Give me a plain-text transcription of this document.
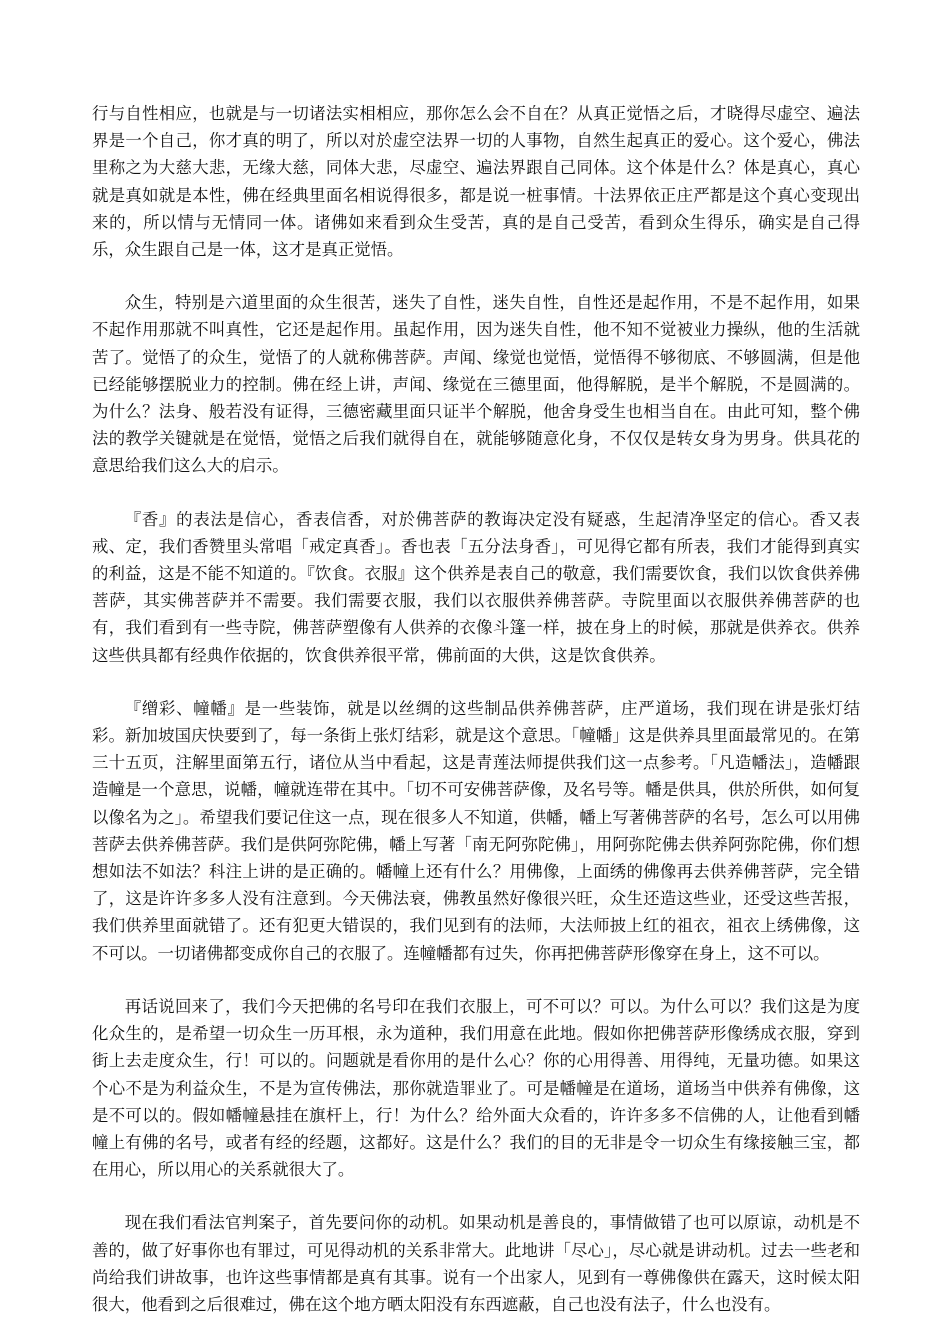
行与自性相应，也就是与一切诸法实相相应，那你怎么会不自在？从真正觉悟之后，才晓得尽虚空、遍法界是一个自己，你才真的明了，所以对於虚空法界一切的人事物，自然生起真正的爱心。这个爱心，佛法里称之为大慈大悲，无缘大慈，同体大悲，尽虚空、遍法界跟自己同体。这个体是什么？体是真心，真心就是真如就是本性，佛在经典里面名相说得很多，都是说一桩事情。十法界依正庄严都是这个真心变现出来的，所以情与无情同一体。诸佛如来看到众生受苦，真的是自己受苦，看到众生得乐，确实是自己得乐，众生跟自己是一体，这才是真正觉悟。

众生，特别是六道里面的众生很苦，迷失了自性，迷失自性，自性还是起作用，不是不起作用，如果不起作用那就不叫真性，它还是起作用。虽起作用，因为迷失自性，他不知不觉被业力操纵，他的生活就苦了。觉悟了的众生，觉悟了的人就称佛菩萨。声闻、缘觉也觉悟，觉悟得不够彻底、不够圆满，但是他已经能够摆脱业力的控制。佛在经上讲，声闻、缘觉在三德里面，他得解脱，是半个解脱，不是圆满的。为什么？法身、般若没有证得，三德密藏里面只证半个解脱，他舍身受生也相当自在。由此可知，整个佛法的教学关键就是在觉悟，觉悟之后我们就得自在，就能够随意化身，不仅仅是转女身为男身。供具花的意思给我们这么大的启示。

『香』的表法是信心，香表信香，对於佛菩萨的教诲决定没有疑惑，生起清净坚定的信心。香又表戒、定，我们香赞里头常唱「戒定真香」。香也表「五分法身香」，可见得它都有所表，我们才能得到真实的利益，这是不能不知道的。『饮食。衣服』这个供养是表自己的敬意，我们需要饮食，我们以饮食供养佛菩萨，其实佛菩萨并不需要。我们需要衣服，我们以衣服供养佛菩萨。寺院里面以衣服供养佛菩萨的也有，我们看到有一些寺院，佛菩萨塑像有人供养的衣像斗篷一样，披在身上的时候，那就是供养衣。供养这些供具都有经典作依据的，饮食供养很平常，佛前面的大供，这是饮食供养。

『缯彩、幢幡』是一些装饰，就是以丝绸的这些制品供养佛菩萨，庄严道场，我们现在讲是张灯结彩。新加坡国庆快要到了，每一条街上张灯结彩，就是这个意思。「幢幡」这是供养具里面最常见的。在第三十五页，注解里面第五行，诸位从当中看起，这是青莲法师提供我们这一点参考。「凡造幡法」，造幡跟造幢是一个意思，说幡，幢就连带在其中。「切不可安佛菩萨像，及名号等。幡是供具，供於所供，如何复以像名为之」。希望我们要记住这一点，现在很多人不知道，供幡，幡上写著佛菩萨的名号，怎么可以用佛菩萨去供养佛菩萨。我们是供阿弥陀佛，幡上写著「南无阿弥陀佛」，用阿弥陀佛去供养阿弥陀佛，你们想想如法不如法？科注上讲的是正确的。幡幢上还有什么？用佛像，上面绣的佛像再去供养佛菩萨，完全错了，这是许许多多人没有注意到。今天佛法衰，佛教虽然好像很兴旺，众生还造这些业，还受这些苦报，我们供养里面就错了。还有犯更大错误的，我们见到有的法师，大法师披上红的祖衣，祖衣上绣佛像，这不可以。一切诸佛都变成你自己的衣服了。连幢幡都有过失，你再把佛菩萨形像穿在身上，这不可以。

再话说回来了，我们今天把佛的名号印在我们衣服上，可不可以？可以。为什么可以？我们这是为度化众生的，是希望一切众生一历耳根，永为道种，我们用意在此地。假如你把佛菩萨形像绣成衣服，穿到街上去走度众生，行！可以的。问题就是看你用的是什么心？你的心用得善、用得纯，无量功德。如果这个心不是为利益众生，不是为宣传佛法，那你就造罪业了。可是幡幢是在道场，道场当中供养有佛像，这是不可以的。假如幡幢悬挂在旗杆上，行！为什么？给外面大众看的，许许多多不信佛的人，让他看到幡幢上有佛的名号，或者有经的经题，这都好。这是什么？我们的目的无非是令一切众生有缘接触三宝，都在用心，所以用心的关系就很大了。

现在我们看法官判案子，首先要问你的动机。如果动机是善良的，事情做错了也可以原谅，动机是不善的，做了好事你也有罪过，可见得动机的关系非常大。此地讲「尽心」，尽心就是讲动机。过去一些老和尚给我们讲故事，也许这些事情都是真有其事。说有一个出家人，见到有一尊佛像供在露天，这时候太阳很大，他看到之后很难过，佛在这个地方晒太阳没有东西遮蔽，自己也没有法子，什么也没有。
